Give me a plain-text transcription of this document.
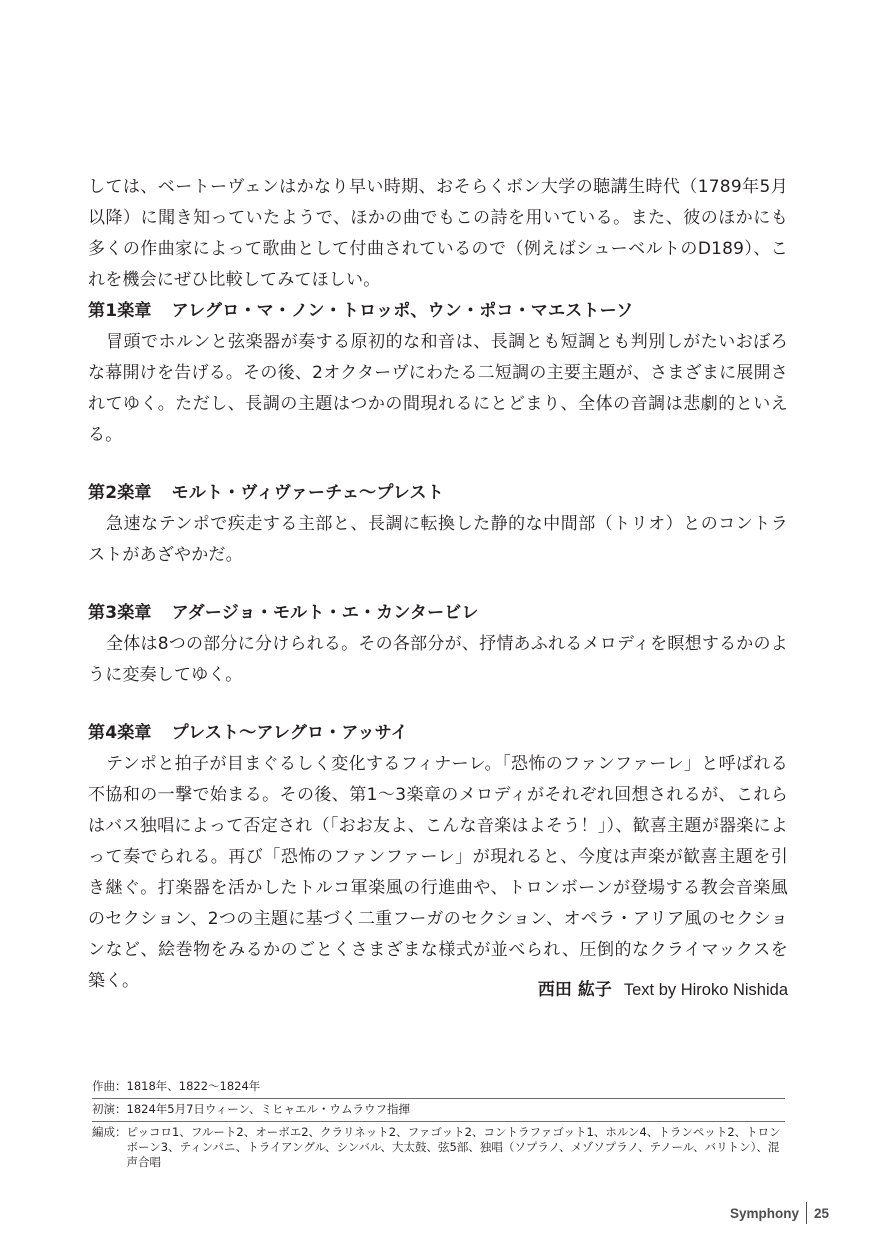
しては、ベートーヴェンはかなり早い時期、おそらくボン大学の聴講生時代（1789年5月以降）に聞き知っていたようで、ほかの曲でもこの詩を用いている。また、彼のほかにも多くの作曲家によって歌曲として付曲されているので（例えばシューベルトのD189）、これを機会にぜひ比較してみてほしい。

第1楽章 アレグロ・マ・ノン・トロッポ、ウン・ポコ・マエストーソ

冒頭でホルンと弦楽器が奏する原初的な和音は、長調とも短調とも判別しがたいおぼろな幕開けを告げる。その後、2オクターヴにわたる二短調の主要主題が、さまざまに展開されてゆく。ただし、長調の主題はつかの間現れるにとどまり、全体の音調は悲劇的といえる。

第2楽章 モルト・ヴィヴァーチェ〜プレスト

急速なテンポで疾走する主部と、長調に転換した静的な中間部（トリオ）とのコントラストがあざやかだ。

第3楽章 アダージョ・モルト・エ・カンタービレ

全体は8つの部分に分けられる。その各部分が、抒情あふれるメロディを瞑想するかのように変奏してゆく。

第4楽章 プレスト〜アレグロ・アッサイ

テンポと拍子が目まぐるしく変化するフィナーレ。「恐怖のファンファーレ」と呼ばれる不協和の一撃で始まる。その後、第1〜3楽章のメロディがそれぞれ回想されるが、これらはバス独唱によって否定され（「おお友よ、こんな音楽はよそう！」）、歓喜主題が器楽によって奏でられる。再び「恐怖のファンファーレ」が現れると、今度は声楽が歓喜主題を引き継ぐ。打楽器を活かしたトルコ軍楽風の行進曲や、トロンボーンが登場する教会音楽風のセクション、2つの主題に基づく二重フーガのセクション、オペラ・アリア風のセクションなど、絵巻物をみるかのごとくさまざまな様式が並べられ、圧倒的なクライマックスを築く。	西田 紘子 Text by Hiroko Nishida
作曲： 1818年、1822〜1824年
初演： 1824年5月7日ウィーン、ミヒャエル・ウムラウフ指揮
編成： ピッコロ1、フルート2、オーボエ2、クラリネット2、ファゴット2、コントラファゴット1、ホルン4、トランペット2、トロンボーン3、ティンパニ、トライアングル、シンバル、大太鼓、弦5部、独唱（ソプラノ、メゾソプラノ、テノール、バリトン）、混声合唱
Symphony 25
